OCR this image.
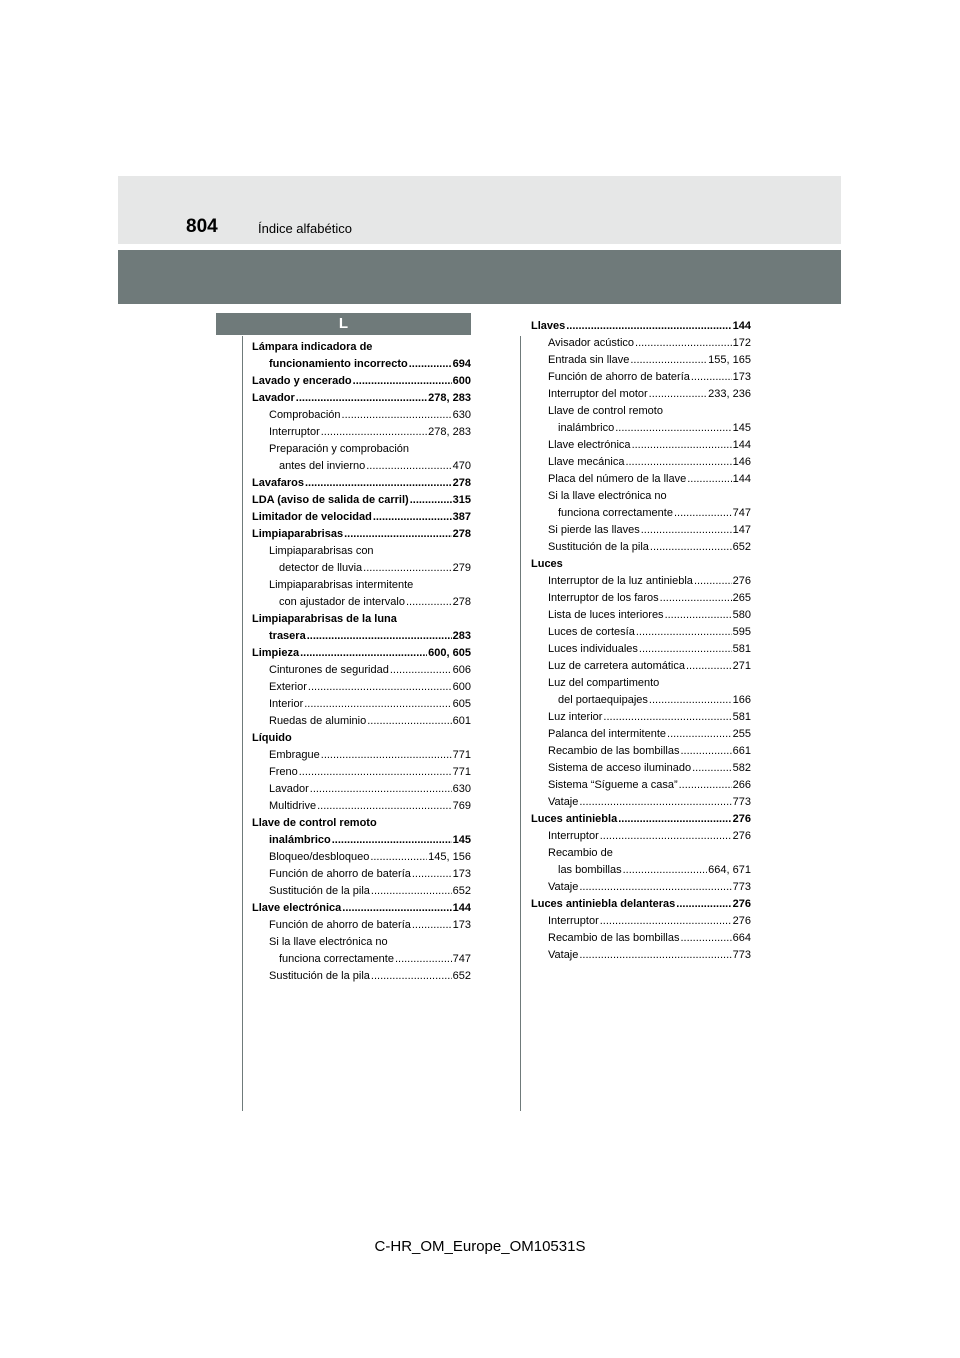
804	Índice alfabético
L
Lámpara indicadora de
funcionamiento incorrecto .....	694
Lavado y encerado .....	600
Lavador .....	278, 283
Comprobación .....	630
Interruptor .....	278, 283
Preparación y comprobación
antes del invierno .....	470
Lavafaros .....	278
LDA (aviso de salida de carril) .....	315
Limitador de velocidad .....	387
Limpiaparabrisas .....	278
Limpiaparabrisas con
detector de lluvia .....	279
Limpiaparabrisas intermitente
con ajustador de intervalo .....	278
Limpiaparabrisas de la luna
trasera .....	283
Limpieza .....	600, 605
Cinturones de seguridad .....	606
Exterior .....	600
Interior .....	605
Ruedas de aluminio .....	601
Líquido
Embrague .....	771
Freno .....	771
Lavador .....	630
Multidrive .....	769
Llave de control remoto
inalámbrico .....	145
Bloqueo/desbloqueo .....	145, 156
Función de ahorro de batería .....	173
Sustitución de la pila .....	652
Llave electrónica .....	144
Función de ahorro de batería .....	173
Si la llave electrónica no
funciona correctamente .....	747
Sustitución de la pila .....	652
Llaves .....	144
Avisador acústico .....	172
Entrada sin llave .....	155, 165
Función de ahorro de batería .....	173
Interruptor del motor .....	233, 236
Llave de control remoto
inalámbrico .....	145
Llave electrónica .....	144
Llave mecánica .....	146
Placa del número de la llave .....	144
Si la llave electrónica no
funciona correctamente .....	747
Si pierde las llaves .....	147
Sustitución de la pila .....	652
Luces
Interruptor de la luz antiniebla .....	276
Interruptor de los faros .....	265
Lista de luces interiores .....	580
Luces de cortesía .....	595
Luces individuales .....	581
Luz de carretera automática .....	271
Luz del compartimento
del portaequipajes .....	166
Luz interior .....	581
Palanca del intermitente .....	255
Recambio de las bombillas .....	661
Sistema de acceso iluminado .....	582
Sistema “Sígueme a casa” .....	266
Vataje .....	773
Luces antiniebla .....	276
Interruptor .....	276
Recambio de
las bombillas .....	664, 671
Vataje .....	773
Luces antiniebla delanteras .....	276
Interruptor .....	276
Recambio de las bombillas .....	664
Vataje .....	773
C-HR_OM_Europe_OM10531S
